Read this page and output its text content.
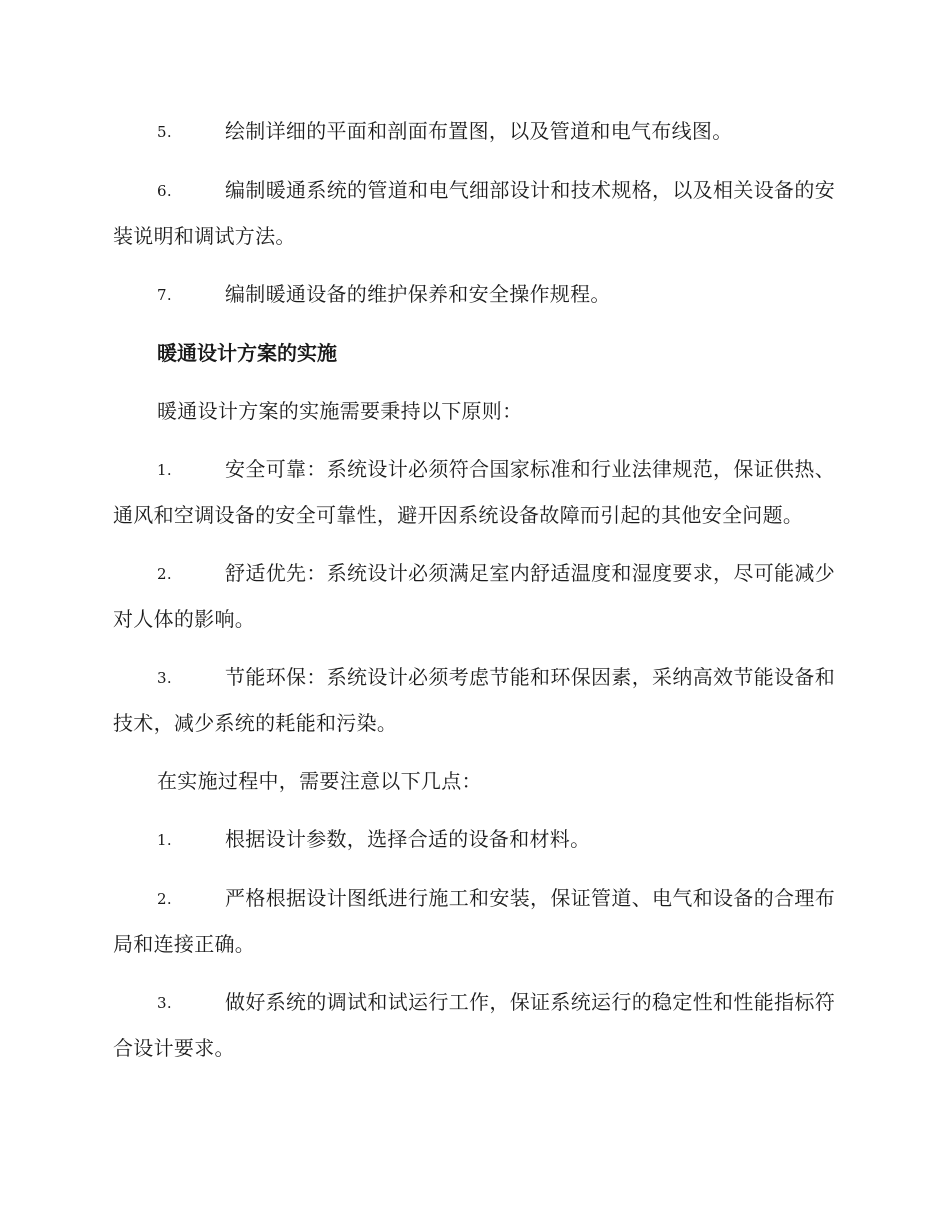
5.	绘制详细的平面和剖面布置图，以及管道和电气布线图。

6.	编制暖通系统的管道和电气细部设计和技术规格，以及相关设备的安装说明和调试方法。

7.	编制暖通设备的维护保养和安全操作规程。

暖通设计方案的实施

暖通设计方案的实施需要秉持以下原则：

1.	安全可靠：系统设计必须符合国家标准和行业法律规范，保证供热、通风和空调设备的安全可靠性，避开因系统设备故障而引起的其他安全问题。

2.	舒适优先：系统设计必须满足室内舒适温度和湿度要求，尽可能减少对人体的影响。

3.	节能环保：系统设计必须考虑节能和环保因素，采纳高效节能设备和技术，减少系统的耗能和污染。

在实施过程中，需要注意以下几点：

1.	根据设计参数，选择合适的设备和材料。

2.	严格根据设计图纸进行施工和安装，保证管道、电气和设备的合理布局和连接正确。

3.	做好系统的调试和试运行工作，保证系统运行的稳定性和性能指标符合设计要求。
